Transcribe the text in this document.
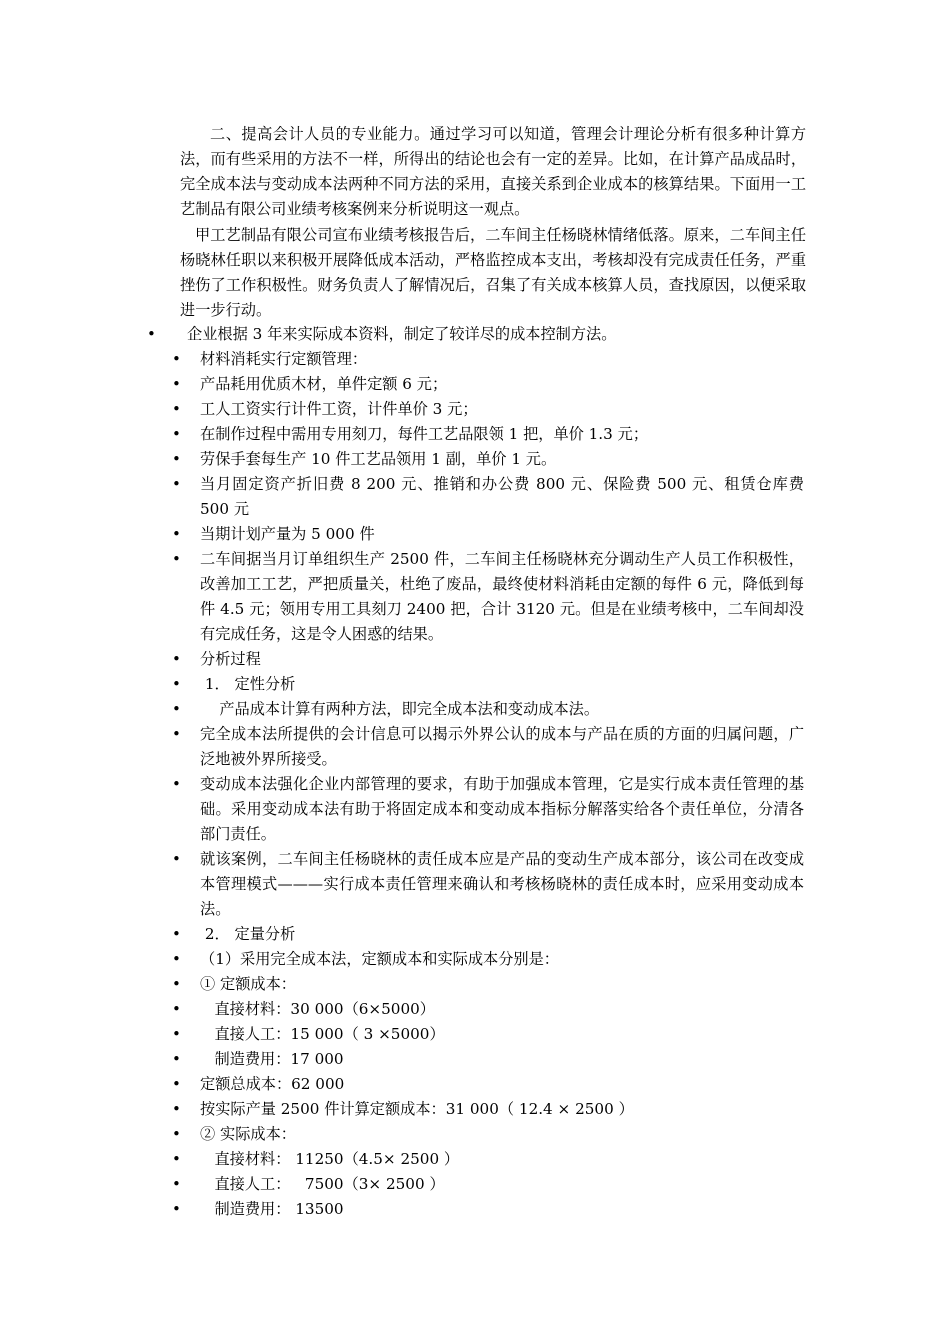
二、提高会计人员的专业能力。通过学习可以知道，管理会计理论分析有很多种计算方法，而有些采用的方法不一样，所得出的结论也会有一定的差异。比如，在计算产品成品时，完全成本法与变动成本法两种不同方法的采用，直接关系到企业成本的核算结果。下面用一工艺制品有限公司业绩考核案例来分析说明这一观点。

甲工艺制品有限公司宣布业绩考核报告后，二车间主任杨晓林情绪低落。原来，二车间主任杨晓林任职以来积极开展降低成本活动，严格监控成本支出，考核却没有完成责任任务，严重挫伤了工作积极性。财务负责人了解情况后，召集了有关成本核算人员，查找原因，以便采取进一步行动。

• 企业根据 3 年来实际成本资料，制定了较详尽的成本控制方法。
• 材料消耗实行定额管理：
• 产品耗用优质木材，单件定额 6 元；
• 工人工资实行计件工资，计件单价 3 元；
• 在制作过程中需用专用刻刀，每件工艺品限领 1 把，单价 1.3 元；
• 劳保手套每生产 10 件工艺品领用 1 副，单价 1 元。
• 当月固定资产折旧费 8 200 元、推销和办公费 800 元、保险费 500 元、租赁仓库费 500 元
• 当期计划产量为 5 000 件
• 二车间据当月订单组织生产 2500 件，二车间主任杨晓林充分调动生产人员工作积极性，改善加工工艺，严把质量关，杜绝了废品，最终使材料消耗由定额的每件 6 元，降低到每件 4.5 元；领用专用工具刻刀 2400 把，合计 3120 元。但是在业绩考核中，二车间却没有完成任务，这是令人困惑的结果。
• 分析过程
• 1． 定性分析
• 产品成本计算有两种方法，即完全成本法和变动成本法。
• 完全成本法所提供的会计信息可以揭示外界公认的成本与产品在质的方面的归属问题，广泛地被外界所接受。
• 变动成本法强化企业内部管理的要求，有助于加强成本管理，它是实行成本责任管理的基础。采用变动成本法有助于将固定成本和变动成本指标分解落实给各个责任单位，分清各部门责任。
• 就该案例，二车间主任杨晓林的责任成本应是产品的变动生产成本部分，该公司在改变成本管理模式———实行成本责任管理来确认和考核杨晓林的责任成本时，应采用变动成本法。
• 2． 定量分析
• （1）采用完全成本法，定额成本和实际成本分别是：
• ① 定额成本：
• 直接材料：30 000（6×5000）
• 直接人工：15 000（ 3 ×5000）
• 制造费用：17 000
• 定额总成本：62 000
• 按实际产量 2500 件计算定额成本：31 000（ 12.4 × 2500 ）
• ② 实际成本：
• 直接材料： 11250（4.5× 2500 ）
• 直接人工：   7500（3× 2500 ）
• 制造费用： 13500
